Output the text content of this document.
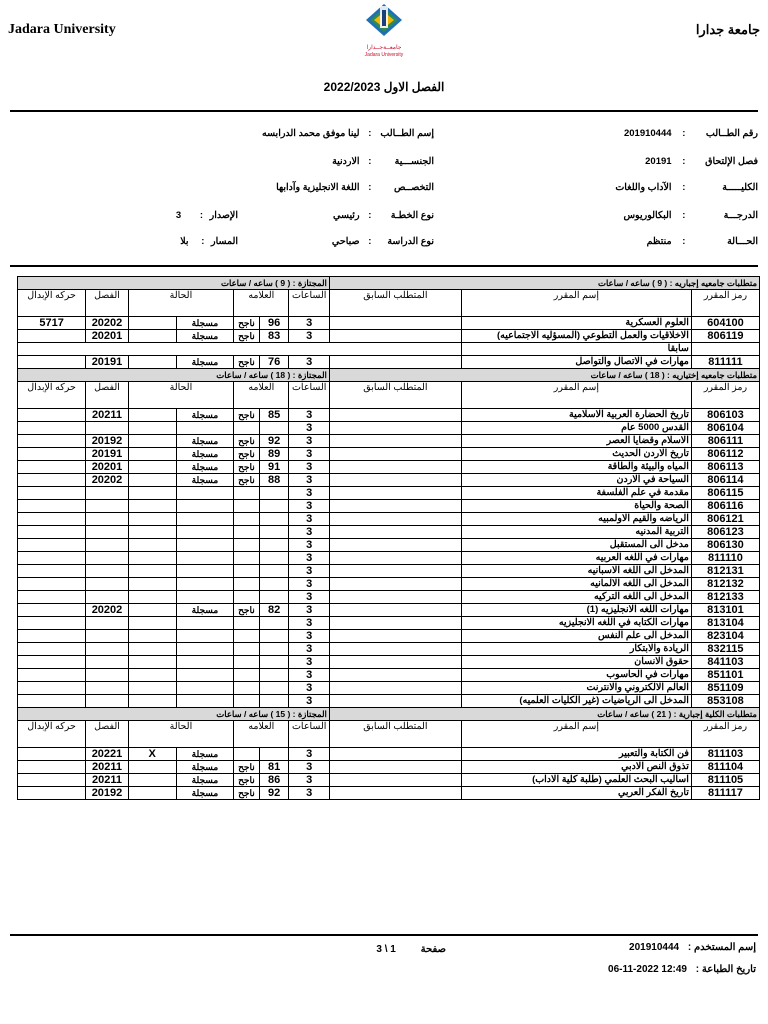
Jadara University	جامعة جدارا
جامعــةجــدارا
Jadara University
الفصل الاول 2022/2023
رقم الطــالب : 201910444
فصل الإلتحاق : 20191
الكليـــــة : الآداب واللغات
الدرجـــة : البكالوريوس
الحـــالة : منتظم
إسم الطــالب : لينا موفق محمد الدرابسه
الجنســـية : الاردنية
التخصــص : اللغة الانجليزية وآدابها
نوع الخطـة : رئيسي
نوع الدراسة : صباحي
الإصدار : 3
المسار : بلا
متطلبات جامعيه إجباريه : ( 9 ) ساعه / ساعات			المجتازة : ( 9 ) ساعه / ساعات						
رمز المقرر	إسم المقرر	المتطلب السابق	الساعات	العلامه		الحالة		الفصل	حركه الإبدال
604100	العلوم العسكرية		3	96	ناجح	مسجلة		20202	5717
806119	الاخلاقيات والعمل التطوعي (المسؤليه الاجتماعيه)		3	83	ناجح	مسجلة		20201	
	سابقا								
811111	مهارات في الاتصال والتواصل		3	76	ناجح	مسجلة		20191	
متطلبات جامعيه إختياريه : ( 18 ) ساعه / ساعات			المجتازة : ( 18 ) ساعه / ساعات						
رمز المقرر	إسم المقرر	المتطلب السابق	الساعات	العلامه		الحالة		الفصل	حركه الإبدال
806103	تاريخ الحضارة العربية الاسلامية		3	85	ناجح	مسجلة		20211	
806104	القدس 5000 عام		3						
806111	الاسلام وقضايا العصر		3	92	ناجح	مسجلة		20192	
806112	تاريخ الاردن الحديث		3	89	ناجح	مسجلة		20191	
806113	المياه والبيئة والطاقة		3	91	ناجح	مسجلة		20201	
806114	السياحة في الاردن		3	88	ناجح	مسجلة		20202	
806115	مقدمة في علم الفلسفة		3						
806116	الصحة والحياة		3						
806121	الرياضه والقيم الاولمبيه		3						
806123	التربية المدنيه		3						
806130	مدخل الى المستقبل		3						
811110	مهارات في اللغه العربيه		3						
812131	المدخل الى اللغه الاسبانيه		3						
812132	المدخل الى اللغه الالمانيه		3						
812133	المدخل الى اللغه التركيه		3						
813101	مهارات اللغه الانجليزيه (1)		3	82	ناجح	مسجلة		20202	
813104	مهارات الكتابه في اللغه الانجليزيه		3						
823104	المدخل الى علم النفس		3						
832115	الريادة والابتكار		3						
841103	حقوق الانسان		3						
851101	مهارات في الحاسوب		3						
851109	العالم الالكتروني والانترنت		3						
853108	المدخل الى الرياضيات (غير الكليات العلميه)		3						
متطلبات الكلية إجبارية : ( 21 ) ساعه / ساعات			المجتازة : ( 15 ) ساعه / ساعات						
رمز المقرر	إسم المقرر	المتطلب السابق	الساعات	العلامه		الحالة		الفصل	حركه الإبدال
811103	فن الكتابة والتعبير		3			مسجلة	X	20221	
811104	تذوق النص الادبي		3	81	ناجح	مسجلة		20211	
811105	اساليب البحث العلمي (طلبة كلية الاداب)		3	86	ناجح	مسجلة		20211	
811117	تاريخ الفكر العربي		3	92	ناجح	مسجلة		20192	
إسم المستخدم : 201910444
صفحة 1 \ 3
تاريخ الطباعة : 06-11-2022 12:49
